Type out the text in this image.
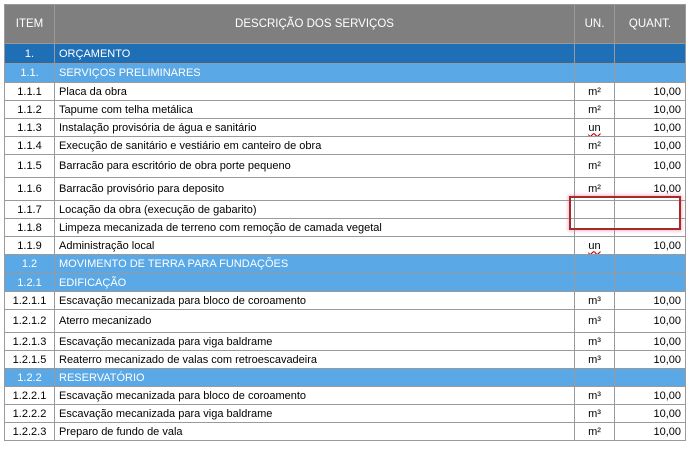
ITEM	DESCRIÇÃO DOS SERVIÇOS	UN.	QUANT.
1.	ORÇAMENTO		
1.1.	SERVIÇOS PRELIMINARES		
1.1.1	Placa da obra	m²	10,00
1.1.2	Tapume com telha metálica	m²	10,00
1.1.3	Instalação provisória de água e sanitário	un	10,00
1.1.4	Execução de sanitário e vestiário em canteiro de obra	m²	10,00
1.1.5	Barracão para escritório de obra porte pequeno	m²	10,00
1.1.6	Barracão provisório para deposito	m²	10,00
1.1.7	Locação da obra (execução de gabarito)		
1.1.8	Limpeza mecanizada de terreno com remoção de camada vegetal		
1.1.9	Administração local	un	10,00
1.2	MOVIMENTO DE TERRA PARA FUNDAÇÕES		
1.2.1	EDIFICAÇÃO		
1.2.1.1	Escavação mecanizada para bloco de coroamento	m³	10,00
1.2.1.2	Aterro mecanizado	m³	10,00
1.2.1.3	Escavação mecanizada para viga baldrame	m³	10,00
1.2.1.5	Reaterro mecanizado de valas com retroescavadeira	m³	10,00
1.2.2	RESERVATÓRIO		
1.2.2.1	Escavação mecanizada para bloco de coroamento	m³	10,00
1.2.2.2	Escavação mecanizada para viga baldrame	m³	10,00
1.2.2.3	Preparo de fundo de vala	m²	10,00
